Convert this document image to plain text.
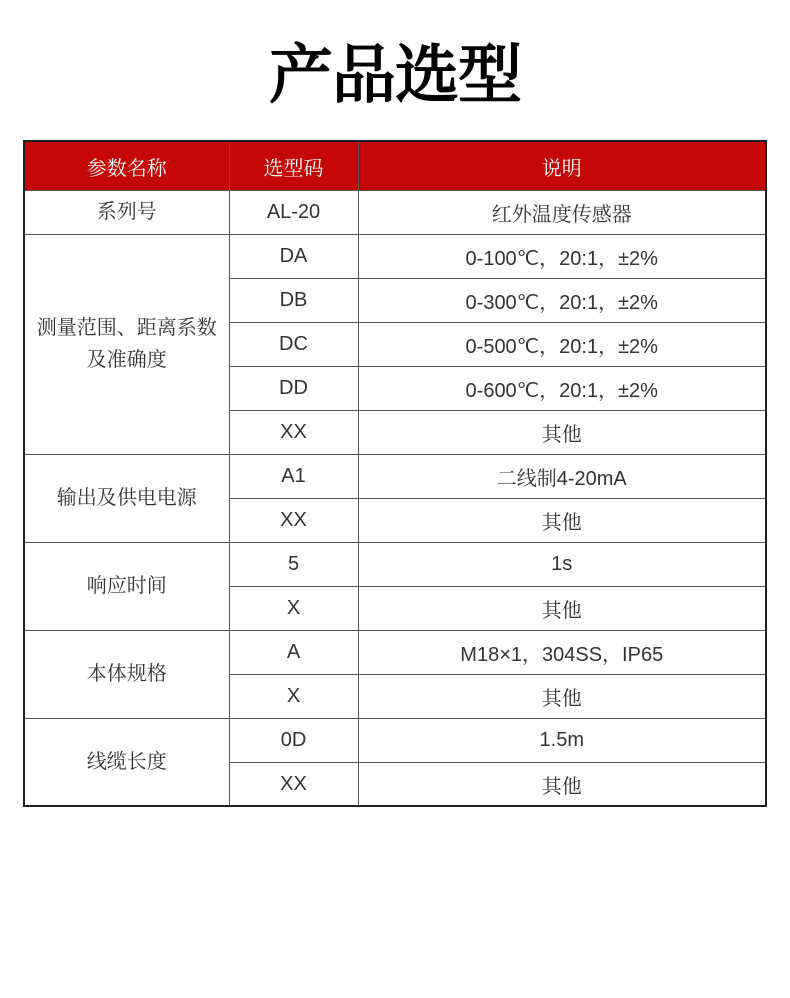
产品选型
参数名称	选型码	说明
系列号	AL-20	红外温度传感器
测量范围、距离系数及准确度	DA	0-100℃，20:1，±2%
	DB	0-300℃，20:1，±2%
	DC	0-500℃，20:1，±2%
	DD	0-600℃，20:1，±2%
	XX	其他
输出及供电电源	A1	二线制4-20mA
	XX	其他
响应时间	5	1s
	X	其他
本体规格	A	M18×1，304SS，IP65
	X	其他
线缆长度	0D	1.5m
	XX	其他
